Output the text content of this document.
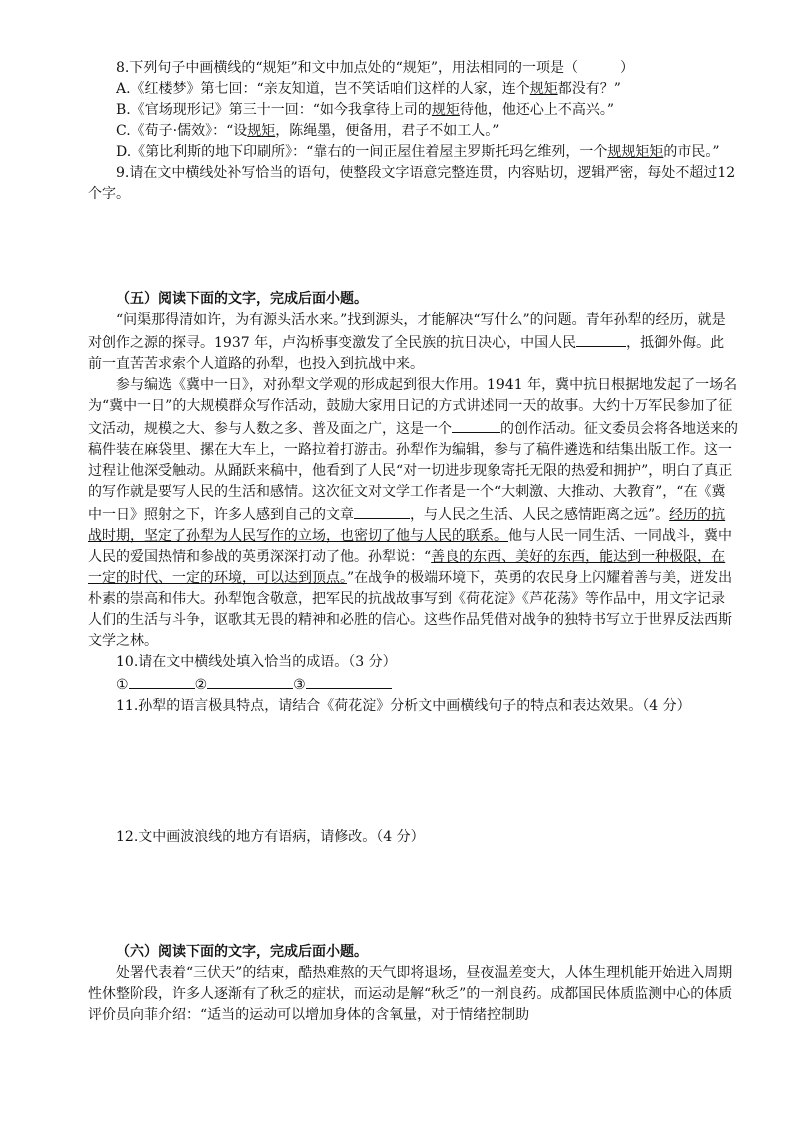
8.下列句子中画横线的“规矩”和文中加点处的“规矩”，用法相同的一项是（　　　）

A.《红楼梦》第七回：“亲友知道，岂不笑话咱们这样的人家，连个规矩都没有？”

B.《官场现形记》第三十一回：“如今我拿待上司的规矩待他，他还心上不高兴。”

C.《荀子·儒效》：“设规矩，陈绳墨，便备用，君子不如工人。”

D.《第比利斯的地下印刷所》：“靠右的一间正屋住着屋主罗斯托玛乞维列，一个规规矩矩的市民。”

9.请在文中横线处补写恰当的语句，使整段文字语意完整连贯，内容贴切，逻辑严密，每处不超过12个字。

（五）阅读下面的文字，完成后面小题。

“问渠那得清如许，为有源头活水来。”找到源头，才能解决“写什么”的问题。青年孙犁的经历，就是对创作之源的探寻。1937 年，卢沟桥事变激发了全民族的抗日决心，中国人民	，抵御外侮。此前一直苦苦求索个人道路的孙犁，也投入到抗战中来。

参与编选《冀中一日》，对孙犁文学观的形成起到很大作用。1941 年，冀中抗日根据地发起了一场名为“冀中一日”的大规模群众写作活动，鼓励大家用日记的方式讲述同一天的故事。大约十万军民参加了征文活动，规模之大、参与人数之多、普及面之广，这是一个	的创作活动。征文委员会将各地送来的稿件装在麻袋里、摞在大车上，一路拉着打游击。孙犁作为编辑，参与了稿件遴选和结集出版工作。这一过程让他深受触动。从踊跃来稿中，他看到了人民“对一切进步现象寄托无限的热爱和拥护”，明白了真正的写作就是要写人民的生活和感情。这次征文对文学工作者是一个“大刺激、大推动、大教育”，“在《冀中一日》照射之下，许多人感到自己的文章	，与人民之生活、人民之感情距离之远”。经历的抗战时期，坚定了孙犁为人民写作的立场，也密切了他与人民的联系。他与人民一同生活、一同战斗，冀中人民的爱国热情和参战的英勇深深打动了他。孙犁说：“善良的东西、美好的东西，能达到一种极限，在一定的时代、一定的环境，可以达到顶点。”在战争的极端环境下，英勇的农民身上闪耀着善与美，迸发出朴素的崇高和伟大。孙犁饱含敬意，把军民的抗战故事写到《荷花淀》《芦花荡》等作品中，用文字记录人们的生活与斗争，讴歌其无畏的精神和必胜的信心。这些作品凭借对战争的独特书写立于世界反法西斯文学之林。

10.请在文中横线处填入恰当的成语。（3 分）

①	②	③

11.孙犁的语言极具特点，请结合《荷花淀》分析文中画横线句子的特点和表达效果。（4 分）

12.文中画波浪线的地方有语病，请修改。（4 分）

（六）阅读下面的文字，完成后面小题。

处署代表着“三伏天”的结束，酷热难熬的天气即将退场，昼夜温差变大，人体生理机能开始进入周期性休整阶段，许多人逐渐有了秋乏的症状，而运动是解“秋乏”的一剂良药。成都国民体质监测中心的体质评价员向菲介绍：“适当的运动可以增加身体的含氧量，对于情绪控制助
